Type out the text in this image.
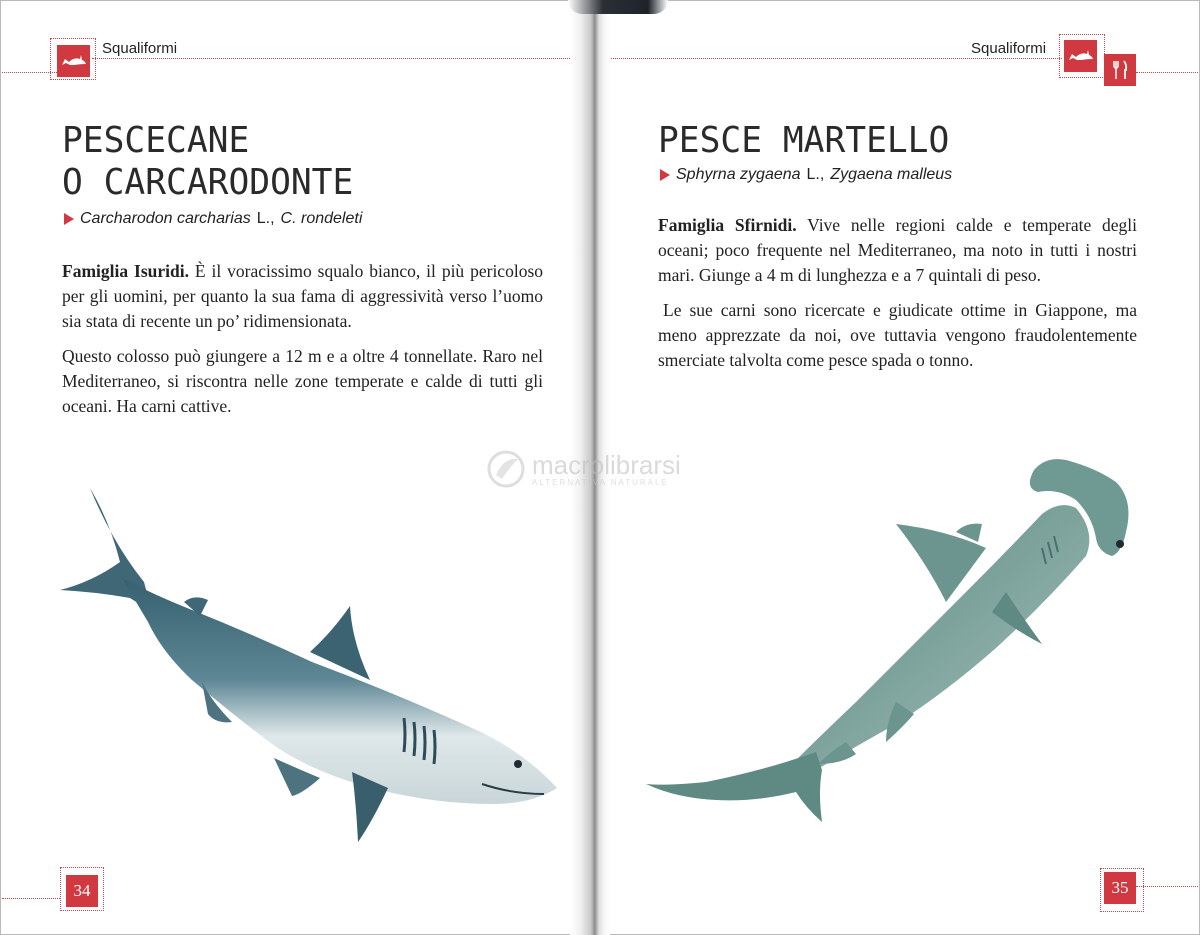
Squaliformi
PESCECANE
O CARCARODONTE
Carcharodon carcharias L., C. rondeleti

Famiglia Isuridi. È il voracissimo squalo bianco, il più pericoloso per gli uomini, per quanto la sua fama di aggressività verso l’uomo sia stata di recente un po’ ridimensionata.

Questo colosso può giungere a 12 m e a oltre 4 tonnellate. Raro nel Mediterraneo, si riscontra nelle zone temperate e calde di tutti gli oceani. Ha carni cattive.

34
Squaliformi
PESCE MARTELLO
Sphyrna zygaena L., Zygaena malleus

Famiglia Sfirnidi. Vive nelle regioni calde e temperate degli oceani; poco frequente nel Mediterraneo, ma noto in tutti i nostri mari. Giunge a 4 m di lunghezza e a 7 quintali di peso.

Le sue carni sono ricercate e giudicate ottime in Giappone, ma meno apprezzate da noi, ove tuttavia vengono fraudolentemente smerciate talvolta come pesce spada o tonno.

35
macrolibrarsi
ALTERNATIVA NATURALE
